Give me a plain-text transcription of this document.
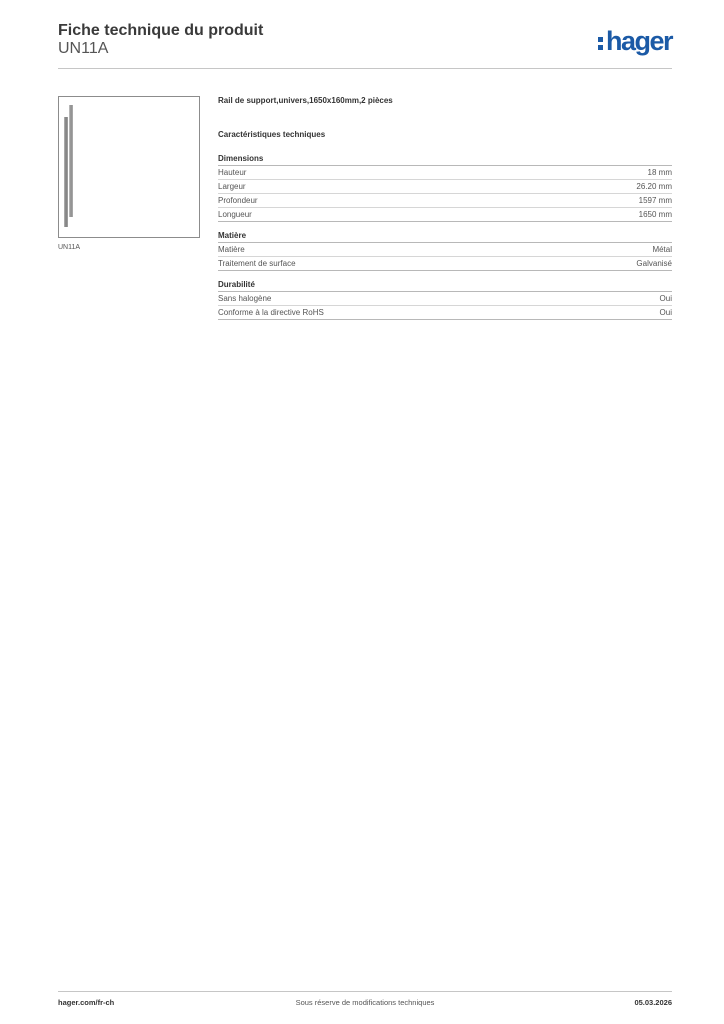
Fiche technique du produit
UN11A	hager
UN11A

Rail de support,univers,1650x160mm,2 pièces

Caractéristiques techniques

Dimensions

Hauteur	18 mm
Largeur	26.20 mm
Profondeur	1597 mm
Longueur	1650 mm

Matière

Matière	Métal
Traitement de surface	Galvanisé

Durabilité

Sans halogène	Oui
Conforme à la directive RoHS	Oui
Sous réserve de modifications techniques
hager.com/fr-ch	05.03.2026
